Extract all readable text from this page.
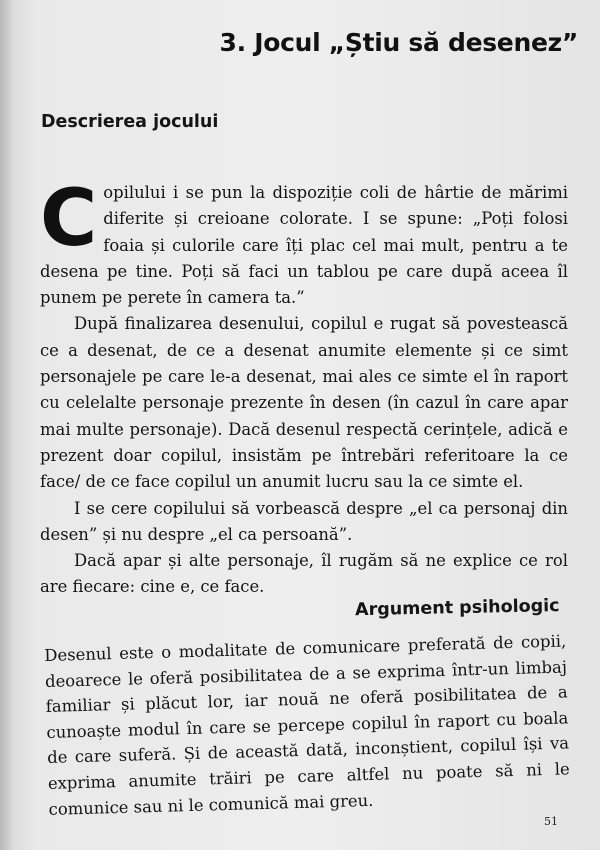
3. Jocul „Știu să desenez”
Descrierea jocului

Copilului i se pun la dispoziție coli de hârtie de mărimi diferite și creioane colorate. I se spune: „Poți folosi foaia și culorile care îți plac cel mai mult, pentru a te desena pe tine. Poți să faci un tablou pe care după aceea îl punem pe perete în camera ta.”

După finalizarea desenului, copilul e rugat să povestească ce a desenat, de ce a desenat anumite elemente și ce simt personajele pe care le-a desenat, mai ales ce simte el în raport cu celelalte personaje prezente în desen (în cazul în care apar mai multe personaje). Dacă desenul respectă cerințele, adică e prezent doar copilul, insistăm pe întrebări referitoare la ce face/ de ce face copilul un anumit lucru sau la ce simte el.

I se cere copilului să vorbească despre „el ca personaj din desen” și nu despre „el ca persoană”.

Dacă apar și alte personaje, îl rugăm să ne explice ce rol are fiecare: cine e, ce face.

Argument psihologic

Desenul este o modalitate de comunicare preferată de copii, deoarece le oferă posibilitatea de a se exprima într-un limbaj familiar și plăcut lor, iar nouă ne oferă posibilitatea de a cunoaște modul în care se percepe copilul în raport cu boala de care suferă. Și de această dată, inconștient, copilul își va exprima anumite trăiri pe care altfel nu poate să ni le comunice sau ni le comunică mai greu.

51
